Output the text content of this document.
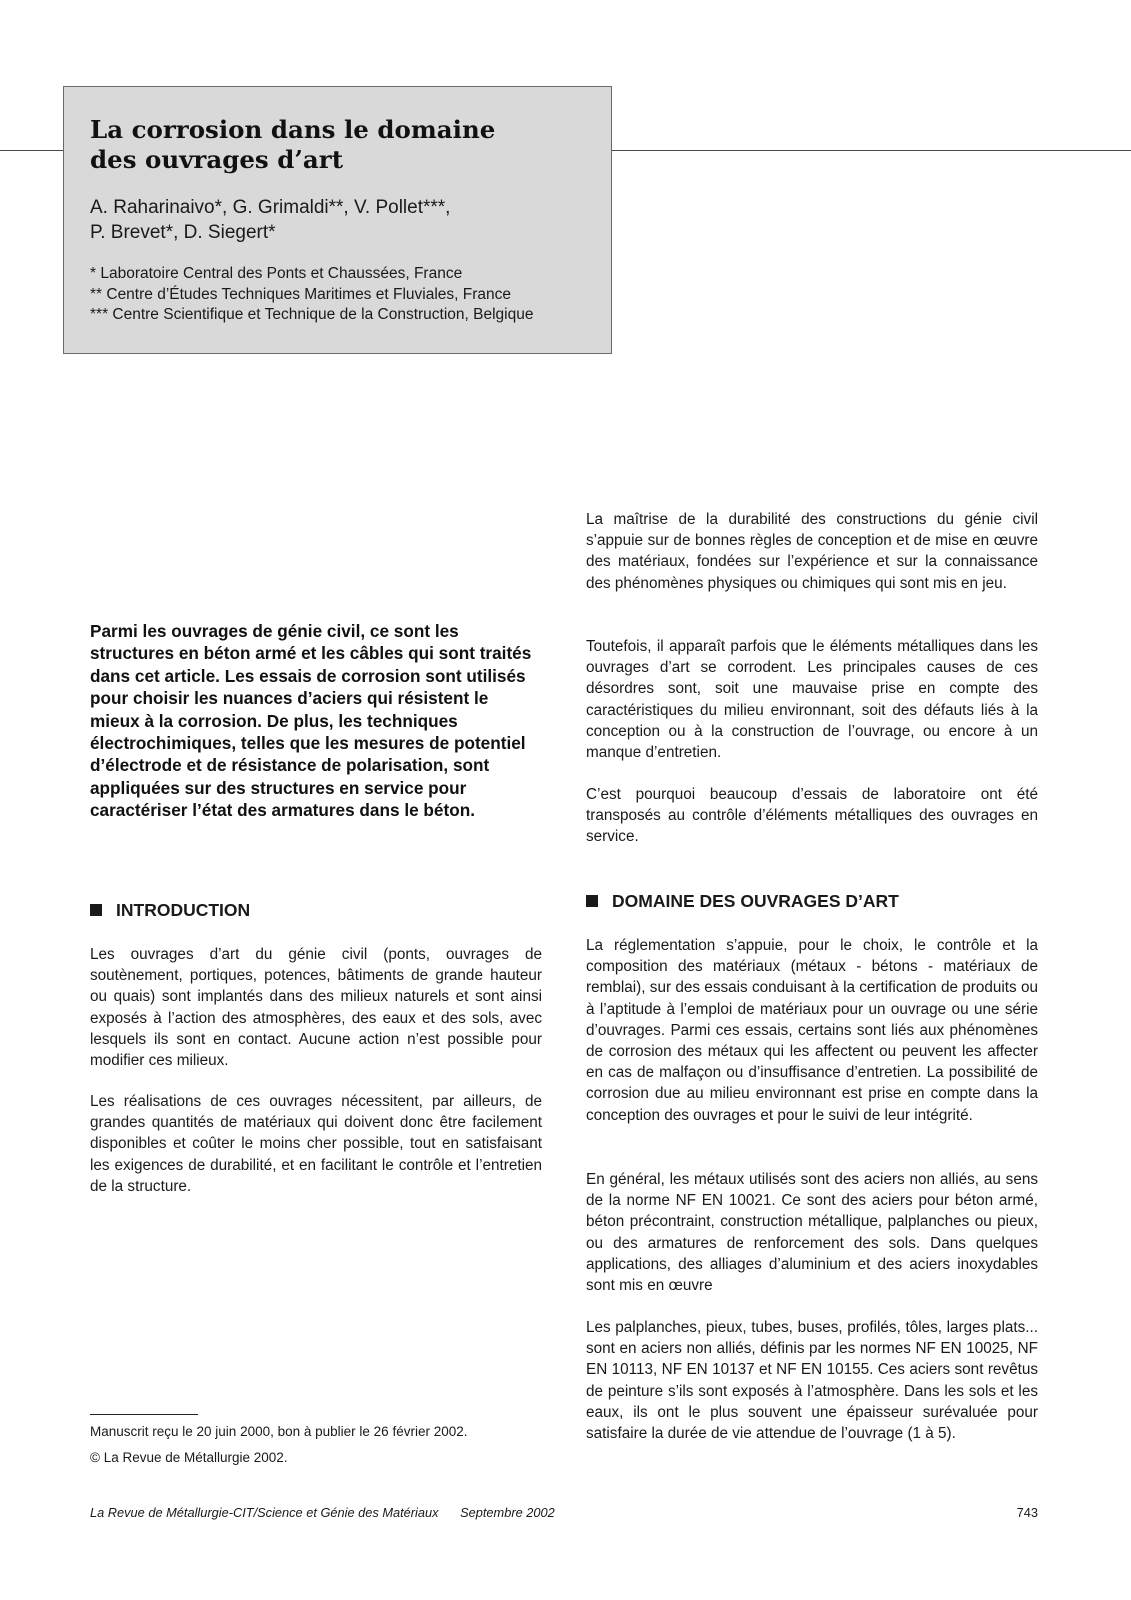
La corrosion dans le domaine
des ouvrages d’art

A. Raharinaivo*, G. Grimaldi**, V. Pollet***,
P. Brevet*, D. Siegert*

* Laboratoire Central des Ponts et Chaussées, France
** Centre d’Études Techniques Maritimes et Fluviales, France
*** Centre Scientifique et Technique de la Construction, Belgique

Parmi les ouvrages de génie civil, ce sont les structures en béton armé et les câbles qui sont traités dans cet article. Les essais de corrosion sont utilisés pour choisir les nuances d’aciers qui résistent le mieux à la corrosion. De plus, les techniques électrochimiques, telles que les mesures de potentiel d’électrode et de résistance de polarisation, sont appliquées sur des structures en service pour caractériser l’état des armatures dans le béton.

La maîtrise de la durabilité des constructions du génie civil s’appuie sur de bonnes règles de conception et de mise en œuvre des matériaux, fondées sur l’expérience et sur la connaissance des phénomènes physiques ou chimiques qui sont mis en jeu.

Toutefois, il apparaît parfois que le éléments métalliques dans les ouvrages d’art se corrodent. Les principales causes de ces désordres sont, soit une mauvaise prise en compte des caractéristiques du milieu environnant, soit des défauts liés à la conception ou à la construction de l’ouvrage, ou encore à un manque d’entretien.

C’est pourquoi beaucoup d’essais de laboratoire ont été transposés au contrôle d’éléments métalliques des ouvrages en service.

INTRODUCTION

Les ouvrages d’art du génie civil (ponts, ouvrages de soutènement, portiques, potences, bâtiments de grande hauteur ou quais) sont implantés dans des milieux naturels et sont ainsi exposés à l’action des atmosphères, des eaux et des sols, avec lesquels ils sont en contact. Aucune action n’est possible pour modifier ces milieux.

Les réalisations de ces ouvrages nécessitent, par ailleurs, de grandes quantités de matériaux qui doivent donc être facilement disponibles et coûter le moins cher possible, tout en satisfaisant les exigences de durabilité, et en facilitant le contrôle et l’entretien de la structure.

DOMAINE DES OUVRAGES D’ART

La réglementation s’appuie, pour le choix, le contrôle et la composition des matériaux (métaux - bétons - matériaux de remblai), sur des essais conduisant à la certification de produits ou à l’aptitude à l’emploi de matériaux pour un ouvrage ou une série d’ouvrages. Parmi ces essais, certains sont liés aux phénomènes de corrosion des métaux qui les affectent ou peuvent les affecter en cas de malfaçon ou d’insuffisance d’entretien. La possibilité de corrosion due au milieu environnant est prise en compte dans la conception des ouvrages et pour le suivi de leur intégrité.

En général, les métaux utilisés sont des aciers non alliés, au sens de la norme NF EN 10021. Ce sont des aciers pour béton armé, béton précontraint, construction métallique, palplanches ou pieux, ou des armatures de renforcement des sols. Dans quelques applications, des alliages d’aluminium et des aciers inoxydables sont mis en œuvre

Les palplanches, pieux, tubes, buses, profilés, tôles, larges plats... sont en aciers non alliés, définis par les normes NF EN 10025, NF EN 10113, NF EN 10137 et NF EN 10155. Ces aciers sont revêtus de peinture s’ils sont exposés à l’atmosphère. Dans les sols et les eaux, ils ont le plus souvent une épaisseur surévaluée pour satisfaire la durée de vie attendue de l’ouvrage (1 à 5).

Manuscrit reçu le 20 juin 2000, bon à publier le 26 février 2002.

© La Revue de Métallurgie 2002.

La Revue de Métallurgie-CIT/Science et Génie des Matériaux Septembre 2002	743
